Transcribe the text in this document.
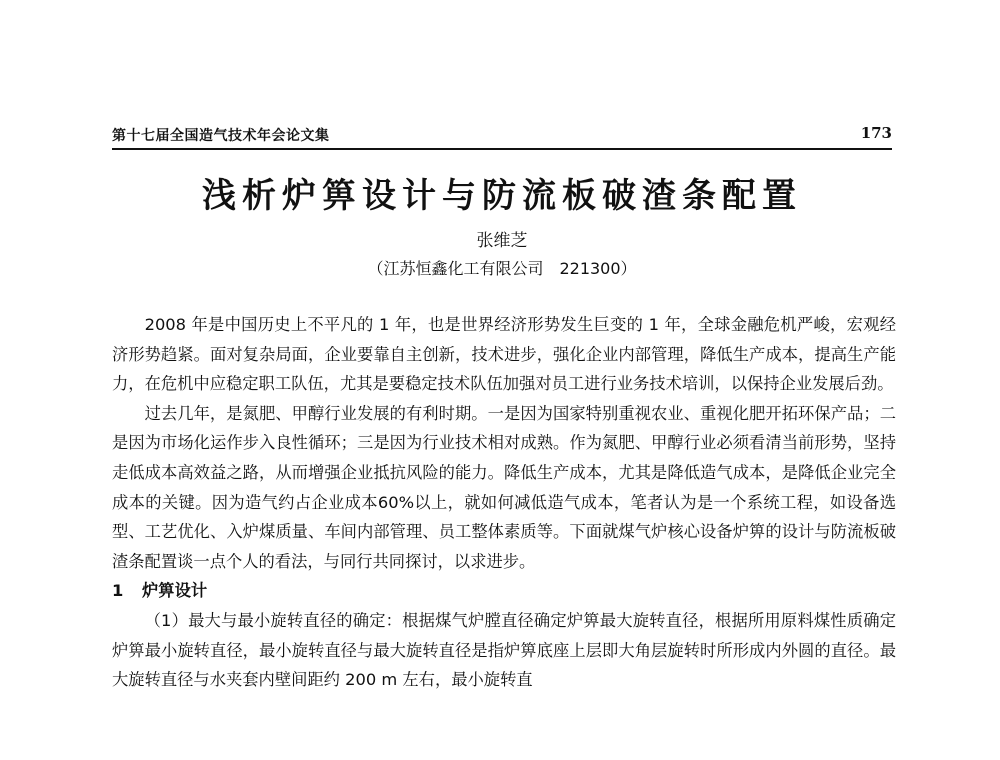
第十七届全国造气技术年会论文集	173
浅析炉箅设计与防流板破渣条配置
张维芝
（江苏恒鑫化工有限公司　221300）

2008 年是中国历史上不平凡的 1 年，也是世界经济形势发生巨变的 1 年，全球金融危机严峻，宏观经济形势趋紧。面对复杂局面，企业要靠自主创新，技术进步，强化企业内部管理，降低生产成本，提高生产能力，在危机中应稳定职工队伍，尤其是要稳定技术队伍加强对员工进行业务技术培训，以保持企业发展后劲。

过去几年，是氮肥、甲醇行业发展的有利时期。一是因为国家特别重视农业、重视化肥开拓环保产品；二是因为市场化运作步入良性循环；三是因为行业技术相对成熟。作为氮肥、甲醇行业必须看清当前形势，坚持走低成本高效益之路，从而增强企业抵抗风险的能力。降低生产成本，尤其是降低造气成本，是降低企业完全成本的关键。因为造气约占企业成本60%以上，就如何减低造气成本，笔者认为是一个系统工程，如设备选型、工艺优化、入炉煤质量、车间内部管理、员工整体素质等。下面就煤气炉核心设备炉箅的设计与防流板破渣条配置谈一点个人的看法，与同行共同探讨，以求进步。

1 炉箅设计

（1）最大与最小旋转直径的确定：根据煤气炉膛直径确定炉箅最大旋转直径，根据所用原料煤性质确定炉箅最小旋转直径，最小旋转直径与最大旋转直径是指炉箅底座上层即大角层旋转时所形成内外圆的直径。最大旋转直径与水夹套内壁间距约 200 m 左右，最小旋转直
